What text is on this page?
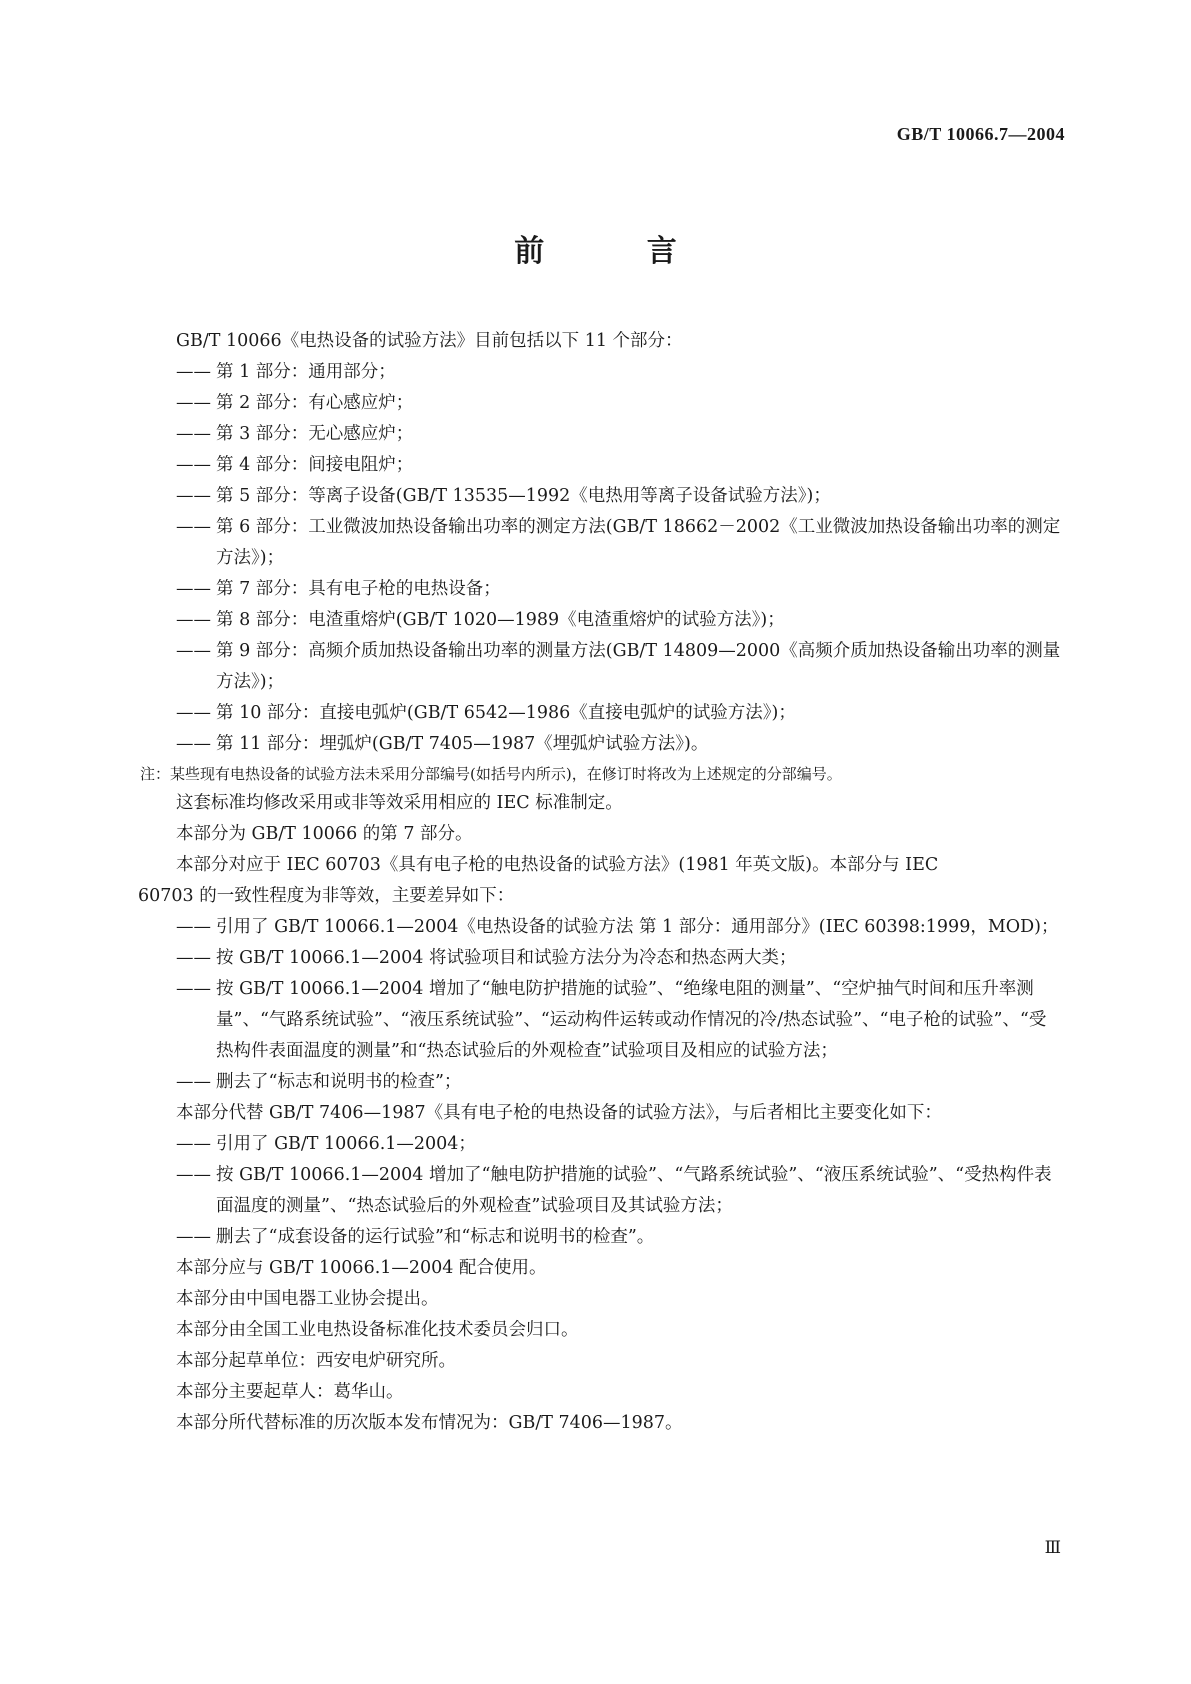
GB/T 10066.7—2004
前 言

GB/T 10066《电热设备的试验方法》目前包括以下 11 个部分：

—— 第 1 部分：通用部分；

—— 第 2 部分：有心感应炉；

—— 第 3 部分：无心感应炉；

—— 第 4 部分：间接电阻炉；

—— 第 5 部分：等离子设备(GB/T 13535—1992《电热用等离子设备试验方法》)；

—— 第 6 部分：工业微波加热设备输出功率的测定方法(GB/T 18662－2002《工业微波加热设备输出功率的测定方法》)；

—— 第 7 部分：具有电子枪的电热设备；

—— 第 8 部分：电渣重熔炉(GB/T 1020—1989《电渣重熔炉的试验方法》)；

—— 第 9 部分：高频介质加热设备输出功率的测量方法(GB/T 14809—2000《高频介质加热设备输出功率的测量方法》)；

—— 第 10 部分：直接电弧炉(GB/T 6542—1986《直接电弧炉的试验方法》)；

—— 第 11 部分：埋弧炉(GB/T 7405—1987《埋弧炉试验方法》)。

注：某些现有电热设备的试验方法未采用分部编号(如括号内所示)，在修订时将改为上述规定的分部编号。

这套标准均修改采用或非等效采用相应的 IEC 标准制定。

本部分为 GB/T 10066 的第 7 部分。

本部分对应于 IEC 60703《具有电子枪的电热设备的试验方法》(1981 年英文版)。本部分与 IEC

60703 的一致性程度为非等效，主要差异如下：

—— 引用了 GB/T 10066.1—2004《电热设备的试验方法 第 1 部分：通用部分》(IEC 60398:1999，MOD)；

—— 按 GB/T 10066.1—2004 将试验项目和试验方法分为冷态和热态两大类；

—— 按 GB/T 10066.1—2004 增加了“触电防护措施的试验”、“绝缘电阻的测量”、“空炉抽气时间和压升率测量”、“气路系统试验”、“液压系统试验”、“运动构件运转或动作情况的冷/热态试验”、“电子枪的试验”、“受热构件表面温度的测量”和“热态试验后的外观检查”试验项目及相应的试验方法；

—— 删去了“标志和说明书的检查”；

本部分代替 GB/T 7406—1987《具有电子枪的电热设备的试验方法》，与后者相比主要变化如下：

—— 引用了 GB/T 10066.1—2004；

—— 按 GB/T 10066.1—2004 增加了“触电防护措施的试验”、“气路系统试验”、“液压系统试验”、“受热构件表面温度的测量”、“热态试验后的外观检查”试验项目及其试验方法；

—— 删去了“成套设备的运行试验”和“标志和说明书的检查”。

本部分应与 GB/T 10066.1—2004 配合使用。

本部分由中国电器工业协会提出。

本部分由全国工业电热设备标准化技术委员会归口。

本部分起草单位：西安电炉研究所。

本部分主要起草人：葛华山。

本部分所代替标准的历次版本发布情况为：GB/T 7406—1987。

Ⅲ
